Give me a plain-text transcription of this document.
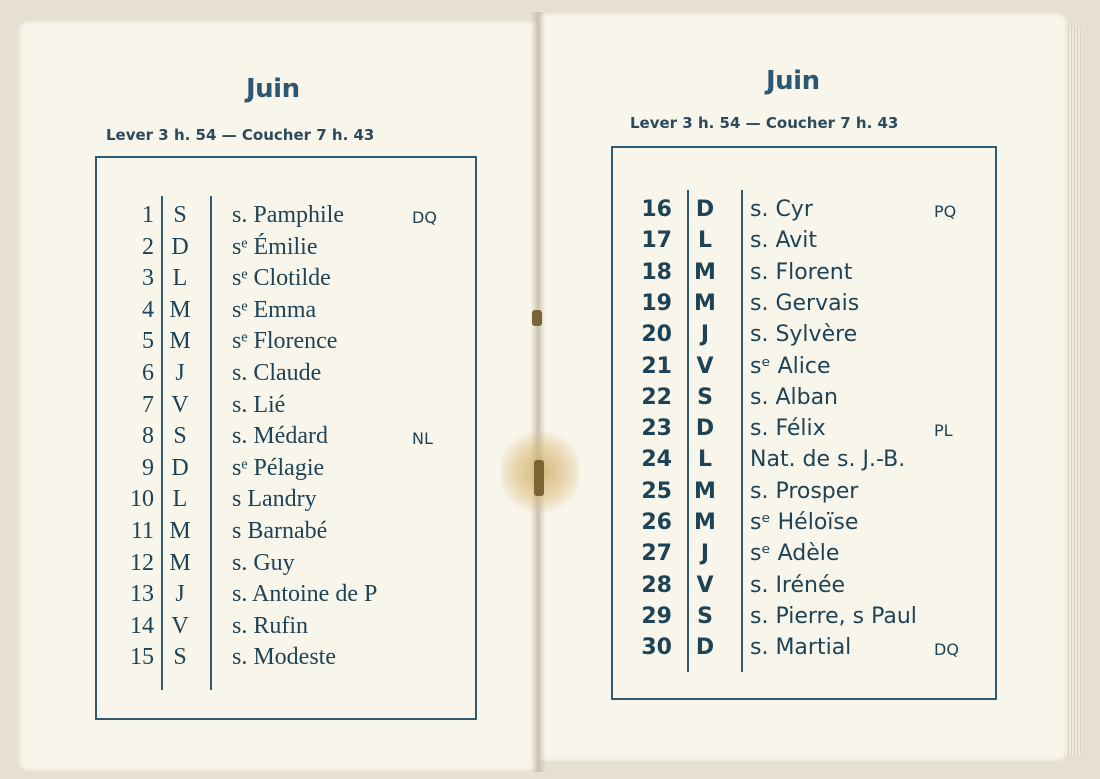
Juin
Lever 3 h. 54 — Coucher 7 h. 43
1 S	s. Pamphile	DQ
2 D sᵉ Émilie
3 L	sᵉ Clotilde
4 M sᵉ Emma
5 M sᵉ Florence
6 J	s. Claude
7 V s. Lié
8 S	s. Médard	NL
9 D sᵉ Pélagie
10 L	s Landry
11 M s Barnabé
12 M s. Guy
13 J	s. Antoine de P
14 V s. Rufin
15 S	s. Modeste
Juin
Lever 3 h. 54 — Coucher 7 h. 43
16 D s. Cyr	PQ
17	L	s. Avit
18 M s. Florent
19 M s. Gervais
20	J	s. Sylvère
21 V sᵉ Alice
22	S	s. Alban
23 D s. Félix	PL
24	L	Nat. de s. J.-B.
25 M s. Prosper
26 M sᵉ Héloïse
27	J	sᵉ Adèle
28 V s. Irénée
29	S	s. Pierre, s Paul
30 D s. Martial	DQ
